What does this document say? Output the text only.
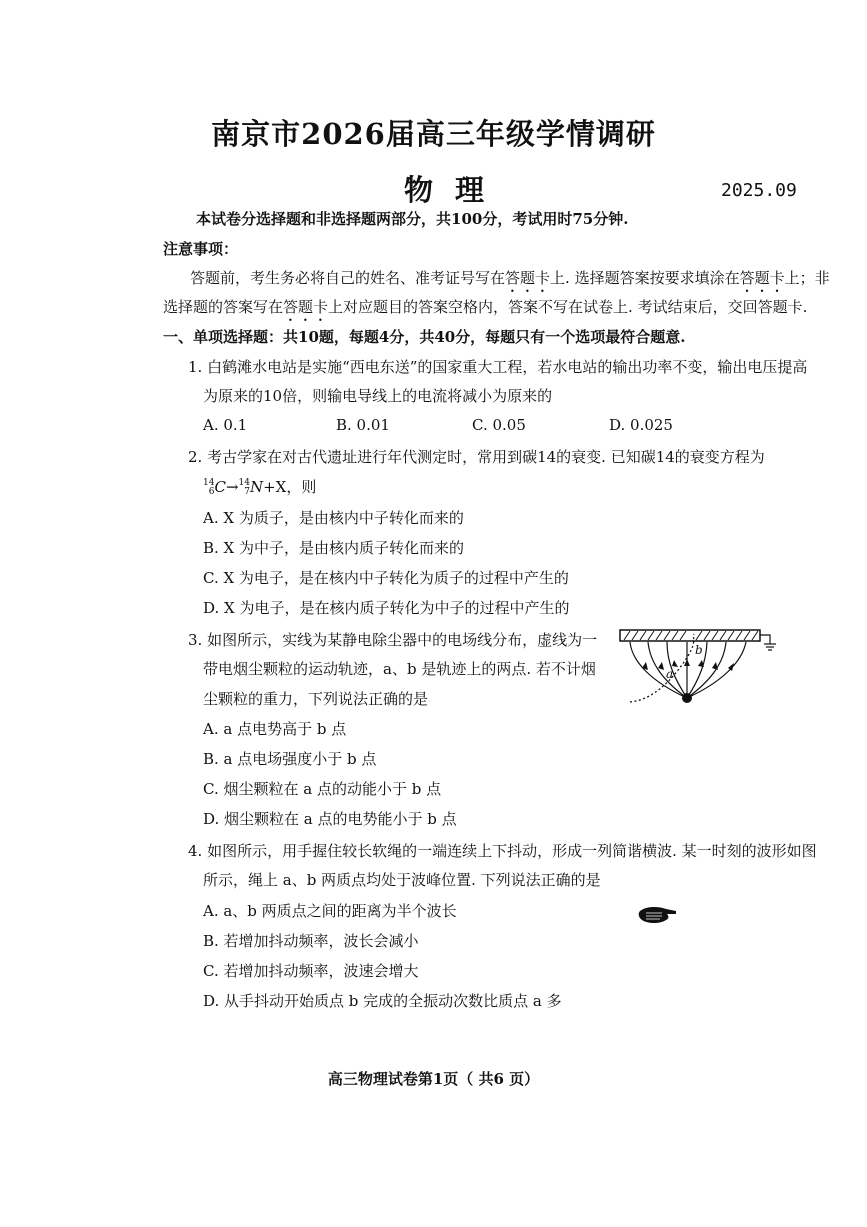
南京市2026届高三年级学情调研
物理	2025.09
本试卷分选择题和非选择题两部分，共100分，考试用时75分钟.
注意事项：
答题前，考生务必将自己的姓名、准考证号写在答题卡上. 选择题答案按要求填涂在答题卡上；非
选择题的答案写在答题卡上对应题目的答案空格内，答案不写在试卷上. 考试结束后，交回答题卡.
一、单项选择题：共10题，每题4分，共40分，每题只有一个选项最符合题意.
1. 白鹤滩水电站是实施“西电东送”的国家重大工程，若水电站的输出功率不变，输出电压提高
为原来的10倍，则输电导线上的电流将减小为原来的
A. 0.1	B. 0.01	C. 0.05	D. 0.025
2. 考古学家在对古代遗址进行年代测定时，常用到碳14的衰变. 已知碳14的衰变方程为
14
6 C→ 14
7 N+X，则
A. X 为质子，是由核内中子转化而来的
B. X 为中子，是由核内质子转化而来的
C. X 为电子，是在核内中子转化为质子的过程中产生的
D. X 为电子，是在核内质子转化为中子的过程中产生的
3. 如图所示，实线为某静电除尘器中的电场线分布，虚线为一
带电烟尘颗粒的运动轨迹，a、b 是轨迹上的两点. 若不计烟
尘颗粒的重力，下列说法正确的是
A. a 点电势高于 b 点
B. a 点电场强度小于 b 点
C. 烟尘颗粒在 a 点的动能小于 b 点
D. 烟尘颗粒在 a 点的电势能小于 b 点
a
b
4. 如图所示，用手握住较长软绳的一端连续上下抖动，形成一列简谐横波. 某一时刻的波形如图
所示，绳上 a、b 两质点均处于波峰位置. 下列说法正确的是
A. a、b 两质点之间的距离为半个波长
B. 若增加抖动频率，波长会减小
C. 若增加抖动频率，波速会增大
D. 从手抖动开始质点 b 完成的全振动次数比质点 a 多
高三物理试卷第1页（ 共6 页）
